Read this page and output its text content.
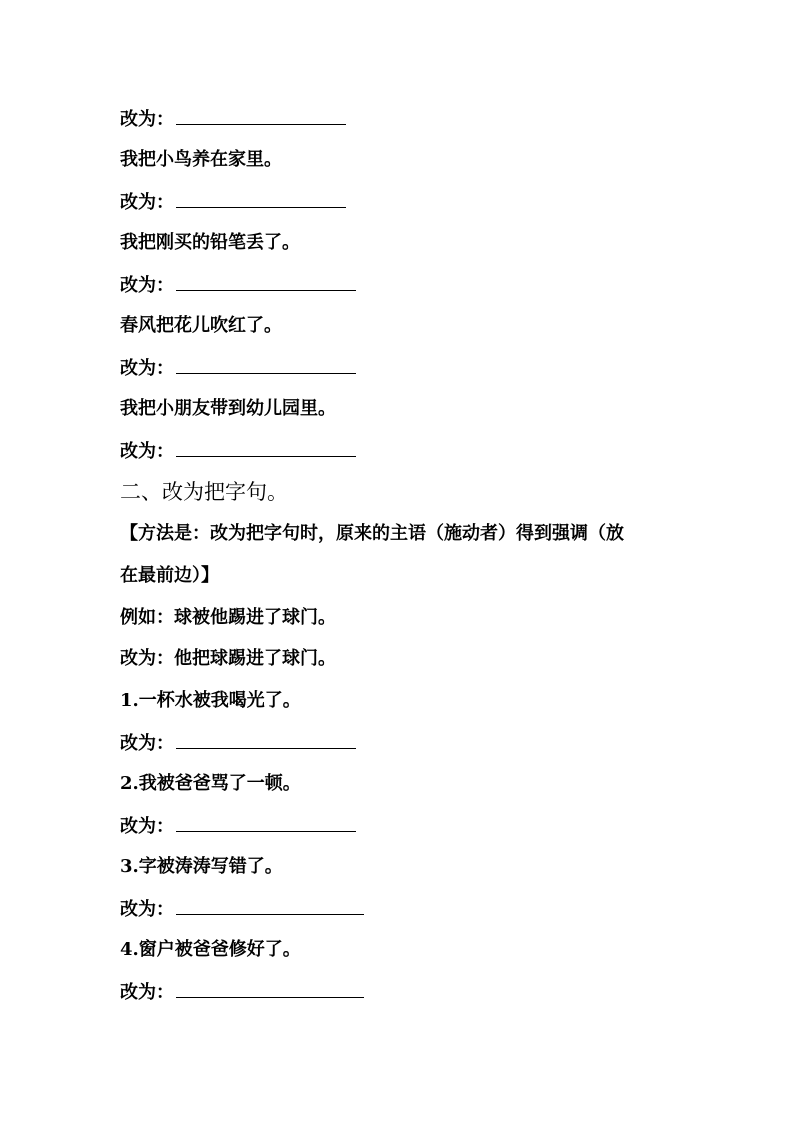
改为：
我把小鸟养在家里。
改为：
我把刚买的铅笔丢了。
改为：
春风把花儿吹红了。
改为：
我把小朋友带到幼儿园里。
改为：
二、改为把字句。
【方法是：改为把字句时，原来的主语（施动者）得到强调（放
在最前边）】
例如：球被他踢进了球门。
改为：他把球踢进了球门。
1.一杯水被我喝光了。
改为：
2.我被爸爸骂了一顿。
改为：
3.字被涛涛写错了。
改为：
4.窗户被爸爸修好了。
改为：
